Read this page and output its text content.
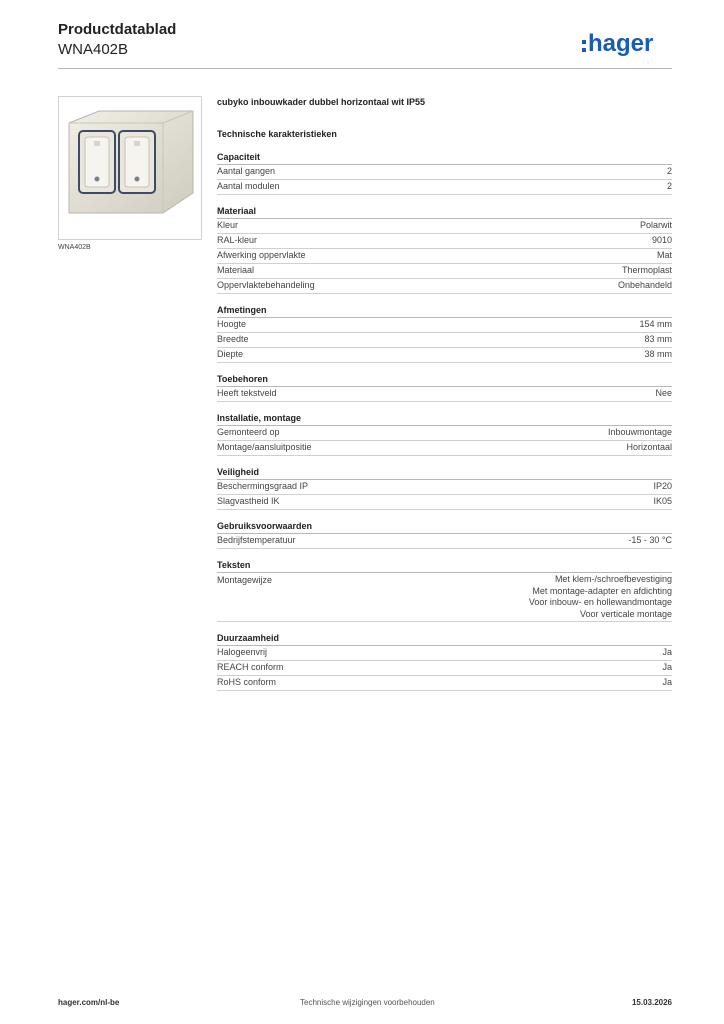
Productdatablad
WNA402B	hager
WNA402B
cubyko inbouwkader dubbel horizontaal wit IP55
Technische karakteristieken
Capaciteit
Aantal gangen	2
Aantal modulen	2
Materiaal
Kleur	Polarwit
RAL-kleur	9010
Afwerking oppervlakte	Mat
Materiaal	Thermoplast
Oppervlaktebehandeling	Onbehandeld
Afmetingen
Hoogte	154 mm
Breedte	83 mm
Diepte	38 mm
Toebehoren
Heeft tekstveld	Nee
Installatie, montage
Gemonteerd op	Inbouwmontage
Montage/aansluitpositie	Horizontaal
Veiligheid
Beschermingsgraad IP	IP20
Slagvastheid IK	IK05
Gebruiksvoorwaarden
Bedrijfstemperatuur	-15 - 30 °C
Teksten
Montagewijze	Met klem-/schroefbevestiging
Met montage-adapter en afdichting
Voor inbouw- en hollewandmontage
Voor verticale montage
Duurzaamheid
Halogeenvrij	Ja
REACH conform	Ja
RoHS conform	Ja
hager.com/nl-be	Technische wijzigingen voorbehouden	15.03.2026
